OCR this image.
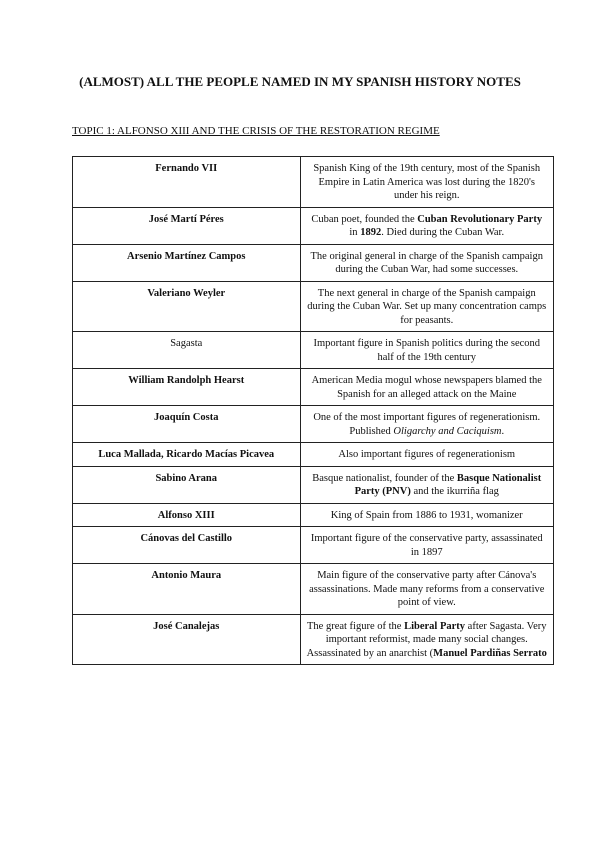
(ALMOST) ALL THE PEOPLE NAMED IN MY SPANISH HISTORY NOTES
TOPIC 1: ALFONSO XIII AND THE CRISIS OF THE RESTORATION REGIME
Fernando VII	Spanish King of the 19th century, most of the Spanish Empire in Latin America was lost during the 1820's under his reign.
José Martí Péres	Cuban poet, founded the Cuban Revolutionary Party in 1892. Died during the Cuban War.
Arsenio Martínez Campos	The original general in charge of the Spanish campaign during the Cuban War, had some successes.
Valeriano Weyler	The next general in charge of the Spanish campaign during the Cuban War. Set up many concentration camps for peasants.
Sagasta	Important figure in Spanish politics during the second half of the 19th century
William Randolph Hearst	American Media mogul whose newspapers blamed the Spanish for an alleged attack on the Maine
Joaquín Costa	One of the most important figures of regenerationism. Published Oligarchy and Caciquism.
Luca Mallada, Ricardo Macías Picavea	Also important figures of regenerationism
Sabino Arana	Basque nationalist, founder of the Basque Nationalist Party (PNV) and the ikurriña flag
Alfonso XIII	King of Spain from 1886 to 1931, womanizer
Cánovas del Castillo	Important figure of the conservative party, assassinated in 1897
Antonio Maura	Main figure of the conservative party after Cánova's assassinations. Made many reforms from a conservative point of view.
José Canalejas	The great figure of the Liberal Party after Sagasta. Very important reformist, made many social changes. Assassinated by an anarchist (Manuel Pardiñas Serrato
